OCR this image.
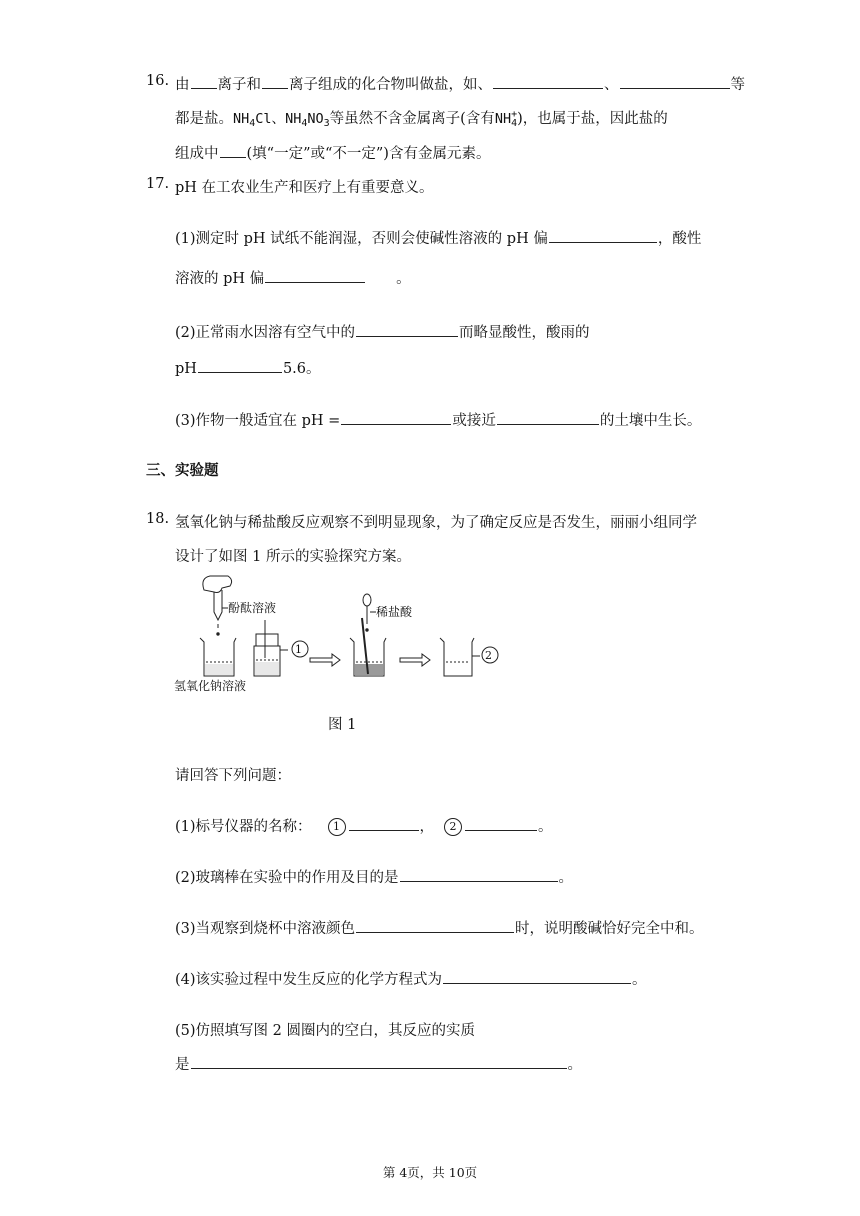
16. 由 离子和 离子组成的化合物叫做盐，如、	、	等
都是盐。$NH_4Cl$、$NH_4NO_3$等虽然不含金属离子(含有$NH_4^+$)，也属于盐，因此盐的
组成中 (填“一定”或“不一定”)含有金属元素。
17. pH 在工农业生产和医疗上有重要意义。
(1)测定时 pH 试纸不能润湿，否则会使碱性溶液的 pH 偏	，酸性
溶液的 pH 偏	。
(2)正常雨水因溶有空气中的	而略显酸性，酸雨的
pH	5.6。
(3)作物一般适宜在 pH =	或接近	的土壤中生长。
三、实验题
18. 氢氧化钠与稀盐酸反应观察不到明显现象，为了确定反应是否发生，丽丽小组同学
设计了如图 1 所示的实验探究方案。
酚酞溶液
1
稀盐酸
2
氢氧化钠溶液
图 1
请回答下列问题：
(1)标号仪器的名称： 1	， 2	。
(2)玻璃棒在实验中的作用及目的是	。
(3)当观察到烧杯中溶液颜色	时，说明酸碱恰好完全中和。
(4)该实验过程中发生反应的化学方程式为	。
(5)仿照填写图 2 圆圈内的空白，其反应的实质
是	。
第 4页，共 10页
